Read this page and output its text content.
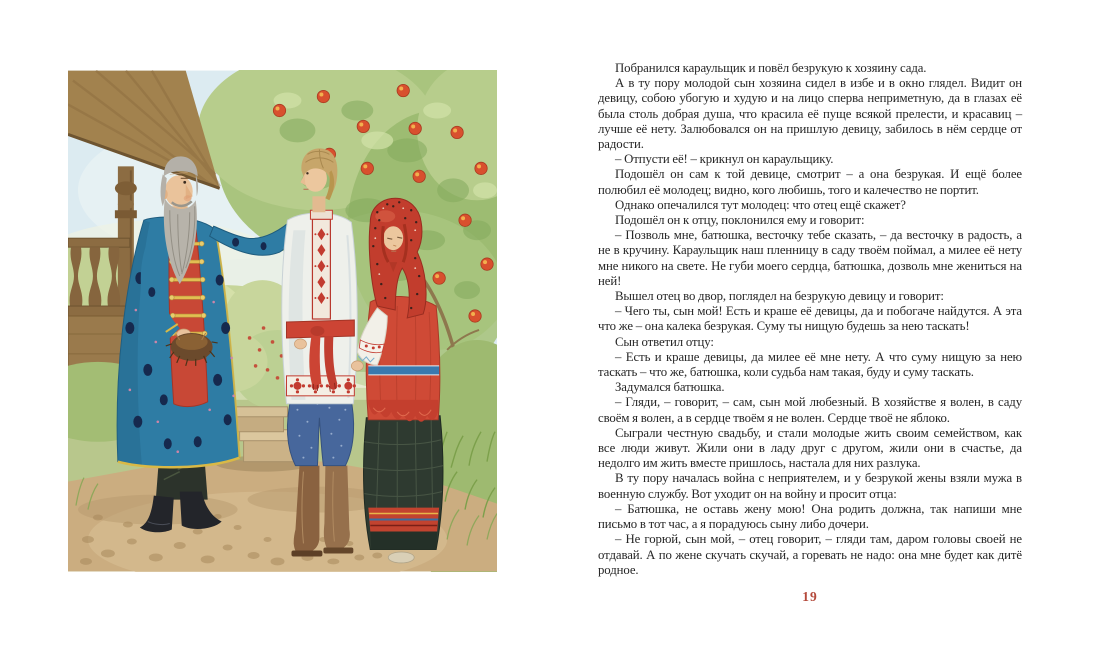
Побранился караульщик и повёл безрукую к хозяину сада.

А в ту пору молодой сын хозяина сидел в избе и в окно глядел. Видит он девицу, собою убогую и худую и на лицо сперва неприметную, да в глазах её была столь добрая душа, что красила её пуще всякой прелести, и красавиц – лучше её нету. Залюбовался он на пришлую девицу, забилось в нём сердце от радости.

– Отпусти её! – крикнул он караульщику.

Подошёл он сам к той девице, смотрит – а она безрукая. И ещё более полюбил её молодец; видно, кого любишь, того и калечество не портит.

Однако опечалился тут молодец: что отец ещё скажет?

Подошёл он к отцу, поклонился ему и говорит:

– Позволь мне, батюшка, весточку тебе сказать, – да весточку в радость, а не в кручину. Караульщик наш пленницу в саду твоём поймал, а милее её нету мне никого на свете. Не губи моего сердца, батюшка, дозволь мне жениться на ней!

Вышел отец во двор, поглядел на безрукую девицу и говорит:

– Чего ты, сын мой! Есть и краше её девицы, да и побогаче найдутся. А эта что же – она калека безрукая. Суму ты нищую будешь за нею таскать!

Сын ответил отцу:

– Есть и краше девицы, да милее её мне нету. А что суму нищую за нею таскать – что же, батюшка, коли судьба нам такая, буду и суму таскать.

Задумался батюшка.

– Гляди, – говорит, – сам, сын мой любезный. В хозяйстве я волен, в саду своём я волен, а в сердце твоём я не волен. Сердце твоё не яблоко.

Сыграли честную свадьбу, и стали молодые жить своим семейством, как все люди живут. Жили они в ладу друг с другом, жили они в счастье, да недолго им жить вместе пришлось, настала для них разлука.

В ту пору началась война с неприятелем, и у безрукой жены взяли мужа в военную службу. Вот уходит он на войну и просит отца:

– Батюшка, не оставь жену мою! Она родить должна, так напиши мне письмо в тот час, а я порадуюсь сыну либо дочери.

– Не горюй, сын мой, – отец говорит, – гляди там, даром головы своей не отдавай. А по жене скучать скучай, а горевать не надо: она мне будет как дитё родное.

19
